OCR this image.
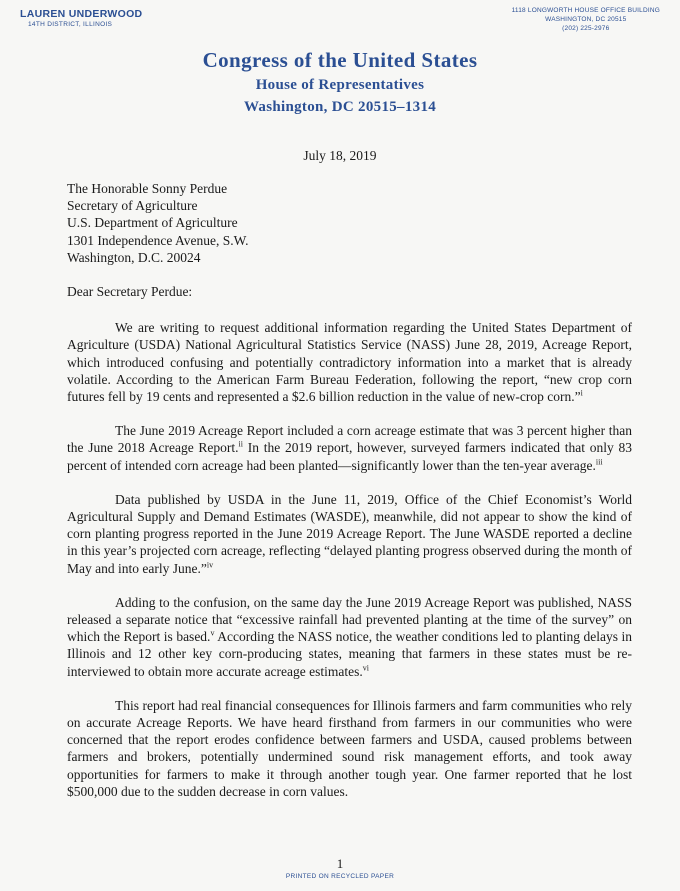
LAUREN UNDERWOOD
14TH DISTRICT, ILLINOIS
1118 LONGWORTH HOUSE OFFICE BUILDING
WASHINGTON, DC 20515
(202) 225-2976
Congress of the United States
House of Representatives
Washington, DC 20515–1314
July 18, 2019
The Honorable Sonny Perdue
Secretary of Agriculture
U.S. Department of Agriculture
1301 Independence Avenue, S.W.
Washington, D.C. 20024
Dear Secretary Perdue:

We are writing to request additional information regarding the United States Department of Agriculture (USDA) National Agricultural Statistics Service (NASS) June 28, 2019, Acreage Report, which introduced confusing and potentially contradictory information into a market that is already volatile. According to the American Farm Bureau Federation, following the report, “new crop corn futures fell by 19 cents and represented a $2.6 billion reduction in the value of new-crop corn.”$^i$

The June 2019 Acreage Report included a corn acreage estimate that was 3 percent higher than the June 2018 Acreage Report.$^{ii}$ In the 2019 report, however, surveyed farmers indicated that only 83 percent of intended corn acreage had been planted—significantly lower than the ten-year average.$^{iii}$

Data published by USDA in the June 11, 2019, Office of the Chief Economist’s World Agricultural Supply and Demand Estimates (WASDE), meanwhile, did not appear to show the kind of corn planting progress reported in the June 2019 Acreage Report. The June WASDE reported a decline in this year’s projected corn acreage, reflecting “delayed planting progress observed during the month of May and into early June.”$^{iv}$

Adding to the confusion, on the same day the June 2019 Acreage Report was published, NASS released a separate notice that “excessive rainfall had prevented planting at the time of the survey” on which the Report is based.$^v$ According the NASS notice, the weather conditions led to planting delays in Illinois and 12 other key corn-producing states, meaning that farmers in these states must be re-interviewed to obtain more accurate acreage estimates.$^{vi}$

This report had real financial consequences for Illinois farmers and farm communities who rely on accurate Acreage Reports. We have heard firsthand from farmers in our communities who were concerned that the report erodes confidence between farmers and USDA, caused problems between farmers and brokers, potentially undermined sound risk management efforts, and took away opportunities for farmers to make it through another tough year. One farmer reported that he lost $500,000 due to the sudden decrease in corn values.

1
PRINTED ON RECYCLED PAPER
